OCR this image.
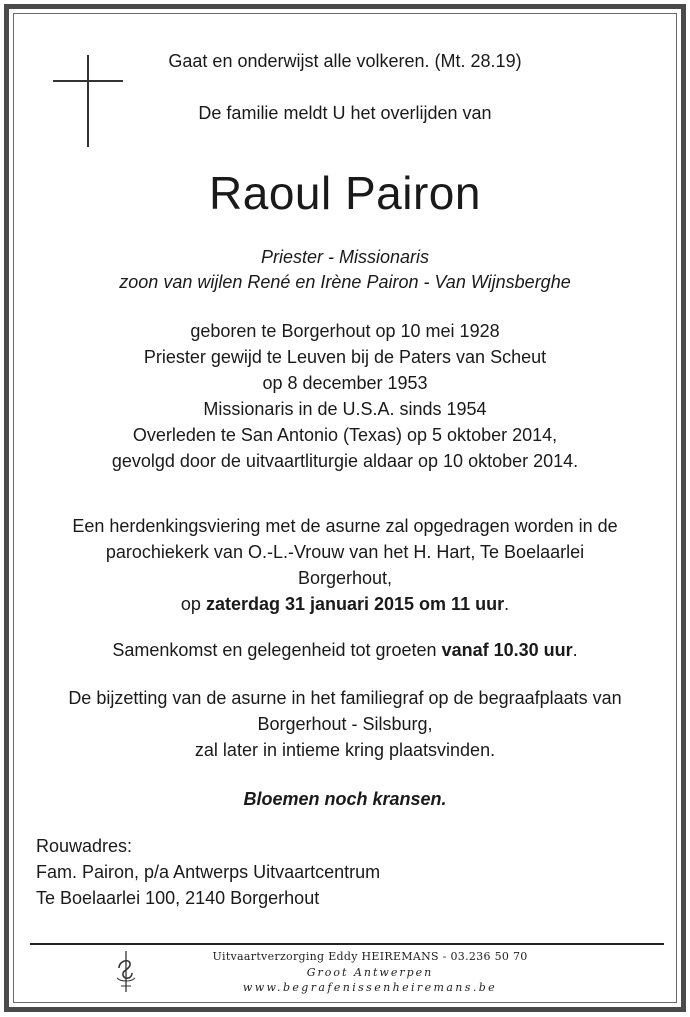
Gaat en onderwijst alle volkeren. (Mt. 28.19)
De familie meldt U het overlijden van
Raoul Pairon
Priester - Missionaris
zoon van wijlen René en Irène Pairon - Van Wijnsberghe
geboren te Borgerhout op 10 mei 1928
Priester gewijd te Leuven bij de Paters van Scheut
op 8 december 1953
Missionaris in de U.S.A. sinds 1954
Overleden te San Antonio (Texas) op 5 oktober 2014,
gevolgd door de uitvaartliturgie aldaar op 10 oktober 2014.
Een herdenkingsviering met de asurne zal opgedragen worden in de
parochiekerk van O.-L.-Vrouw van het H. Hart, Te Boelaarlei
Borgerhout,
op zaterdag 31 januari 2015 om 11 uur.
Samenkomst en gelegenheid tot groeten vanaf 10.30 uur.
De bijzetting van de asurne in het familiegraf op de begraafplaats van
Borgerhout - Silsburg,
zal later in intieme kring plaatsvinden.
Bloemen noch kransen.
Rouwadres:
Fam. Pairon, p/a Antwerps Uitvaartcentrum
Te Boelaarlei 100, 2140 Borgerhout
Uitvaartverzorging Eddy HEIREMANS - 03.236 50 70
Groot Antwerpen
www.begrafenissenheiremans.be
